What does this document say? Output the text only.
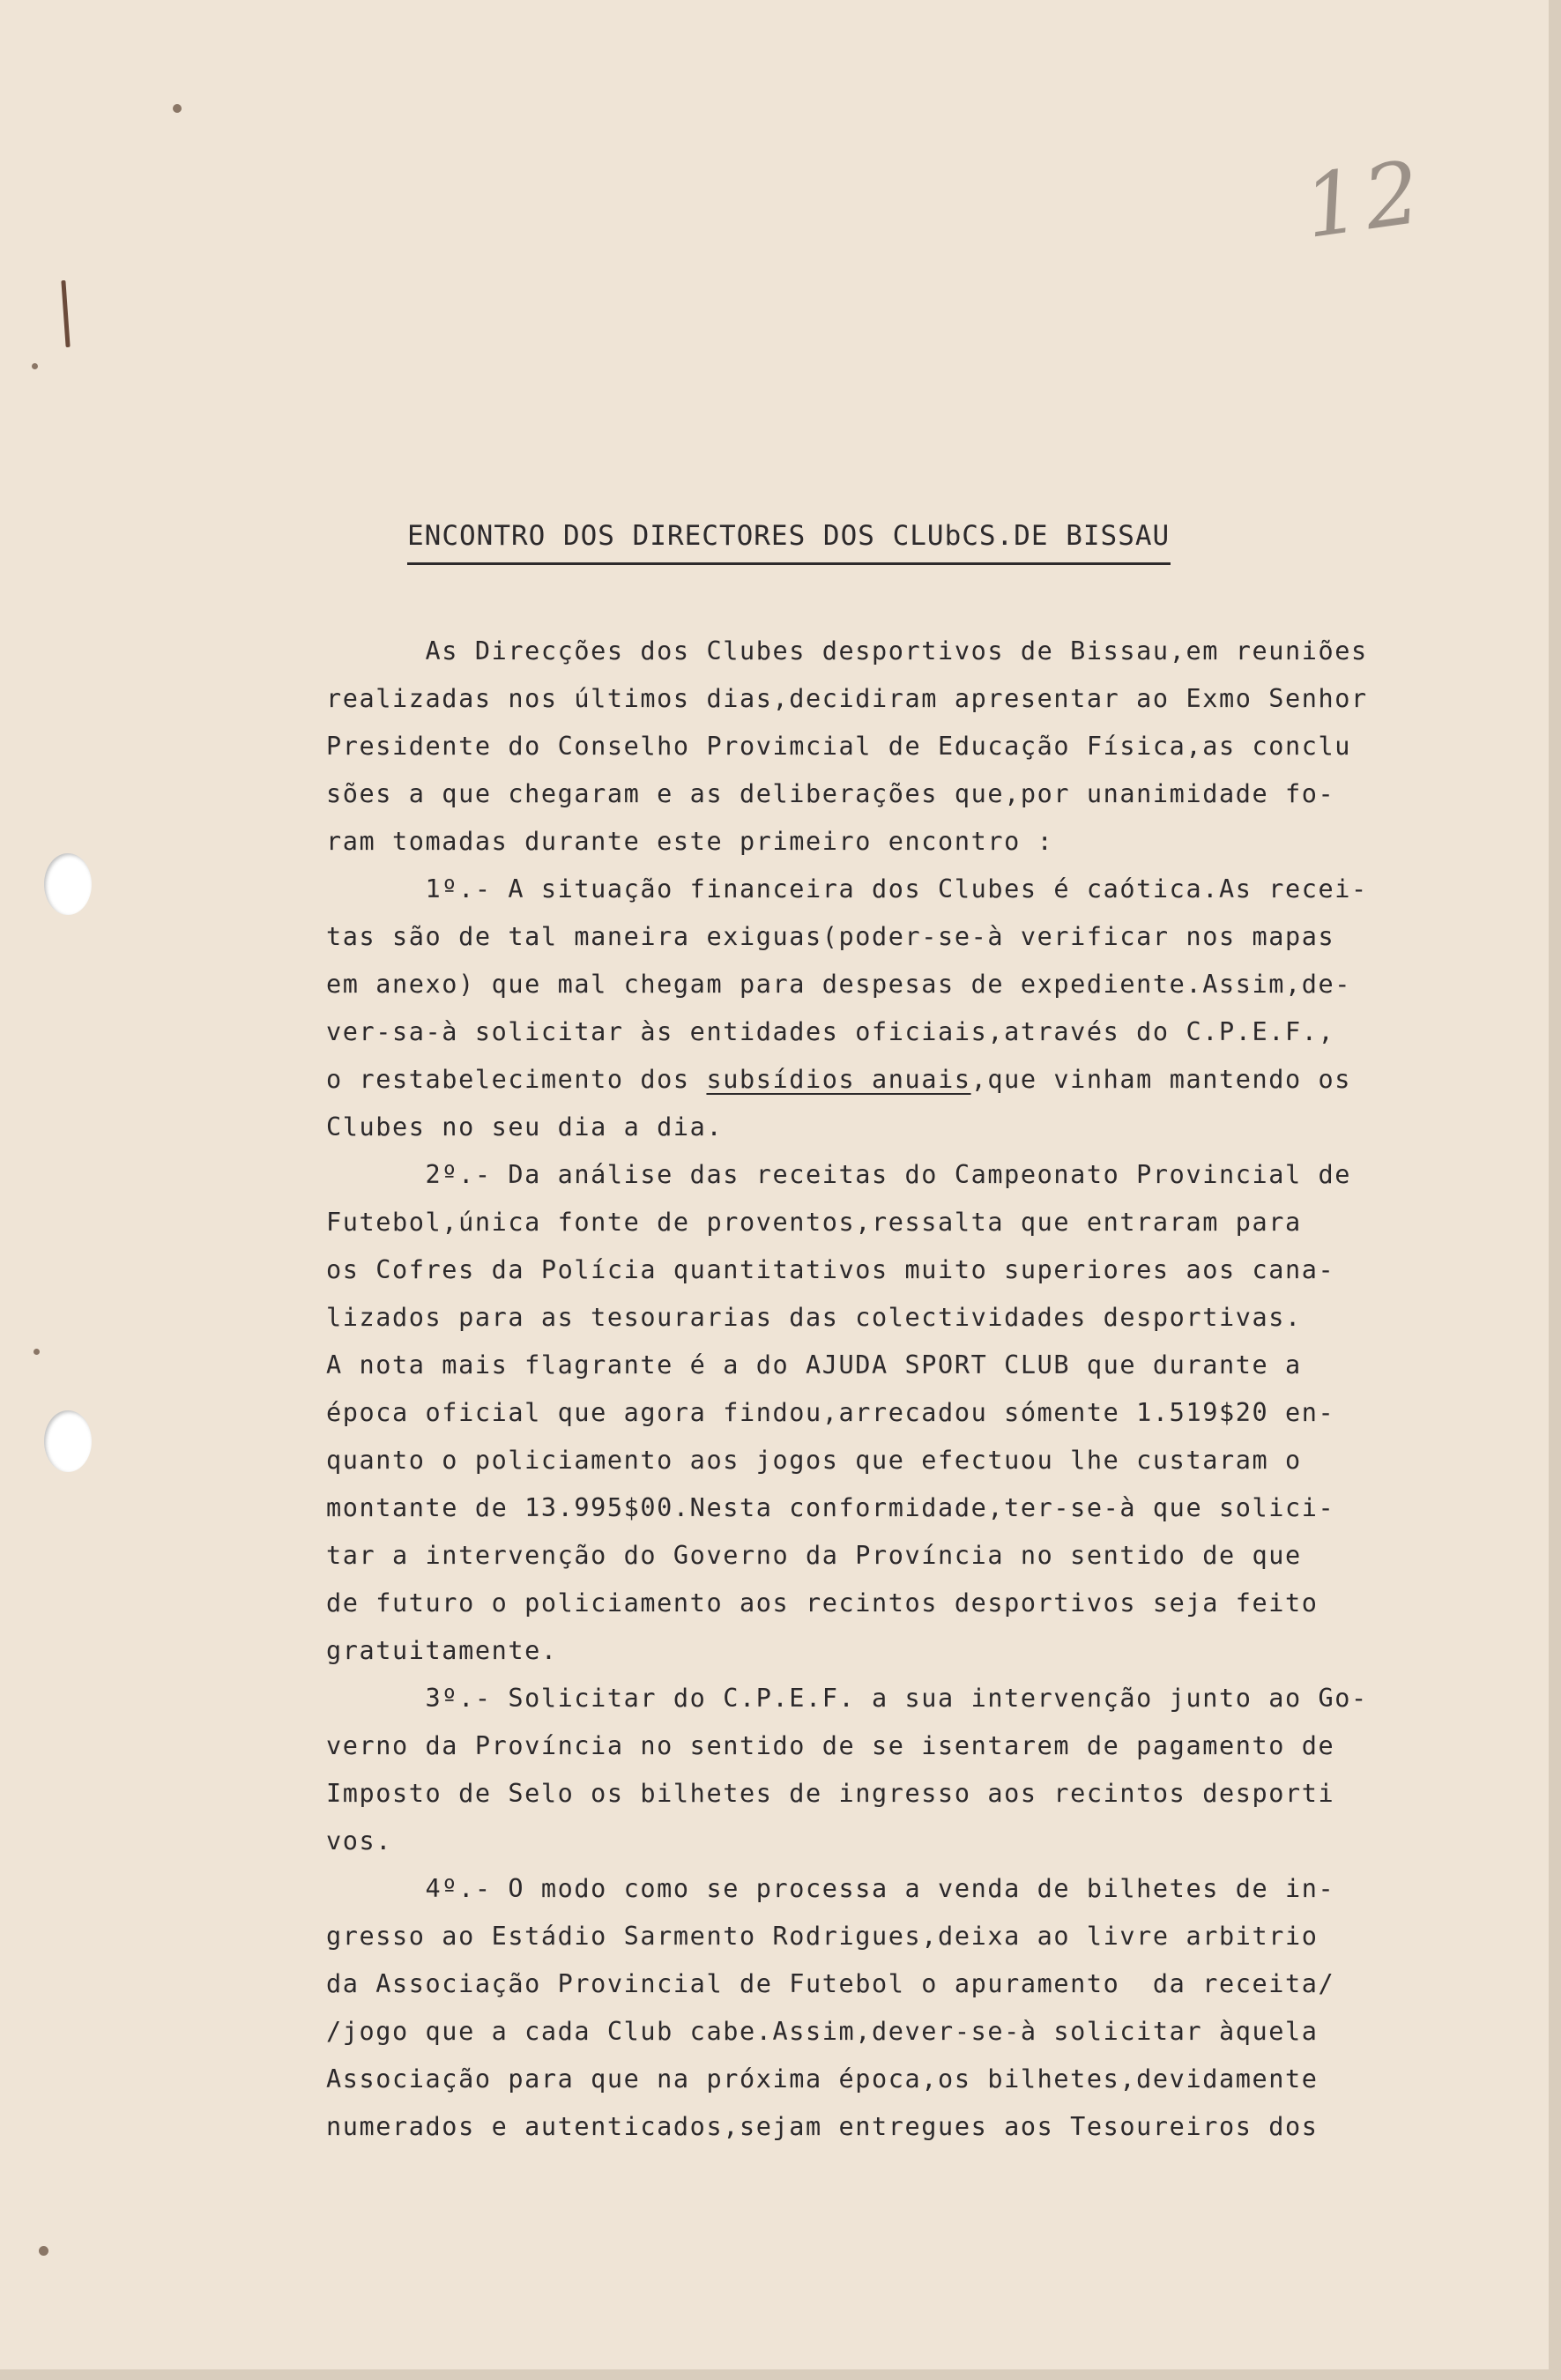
12
ENCONTRO DOS DIRECTORES DOS CLUbCS.DE BISSAU
As Direcções dos Clubes desportivos de Bissau,em reuniões
realizadas nos últimos dias,decidiram apresentar ao Exmo Senhor
Presidente do Conselho Provimcial de Educação Física,as conclu
sões a que chegaram e as deliberações que,por unanimidade fo-
ram tomadas durante este primeiro encontro :
1º.- A situação financeira dos Clubes é caótica.As recei-
tas são de tal maneira exiguas(poder-se-à verificar nos mapas
em anexo) que mal chegam para despesas de expediente.Assim,de-
ver-sa-à solicitar às entidades oficiais,através do C.P.E.F.,
o restabelecimento dos subsídios anuais,que vinham mantendo os
Clubes no seu dia a dia.
2º.- Da análise das receitas do Campeonato Provincial de
Futebol,única fonte de proventos,ressalta que entraram para
os Cofres da Polícia quantitativos muito superiores aos cana-
lizados para as tesourarias das colectividades desportivas.
A nota mais flagrante é a do AJUDA SPORT CLUB que durante a
época oficial que agora findou,arrecadou sómente 1.519$20 en-
quanto o policiamento aos jogos que efectuou lhe custaram o
montante de 13.995$00.Nesta conformidade,ter-se-à que solici-
tar a intervenção do Governo da Província no sentido de que
de futuro o policiamento aos recintos desportivos seja feito
gratuitamente.
3º.- Solicitar do C.P.E.F. a sua intervenção junto ao Go-
verno da Província no sentido de se isentarem de pagamento de
Imposto de Selo os bilhetes de ingresso aos recintos desporti
vos.
4º.- O modo como se processa a venda de bilhetes de in-
gresso ao Estádio Sarmento Rodrigues,deixa ao livre arbitrio
da Associação Provincial de Futebol o apuramento  da receita/
/jogo que a cada Club cabe.Assim,dever-se-à solicitar àquela
Associação para que na próxima época,os bilhetes,devidamente
numerados e autenticados,sejam entregues aos Tesoureiros dos
